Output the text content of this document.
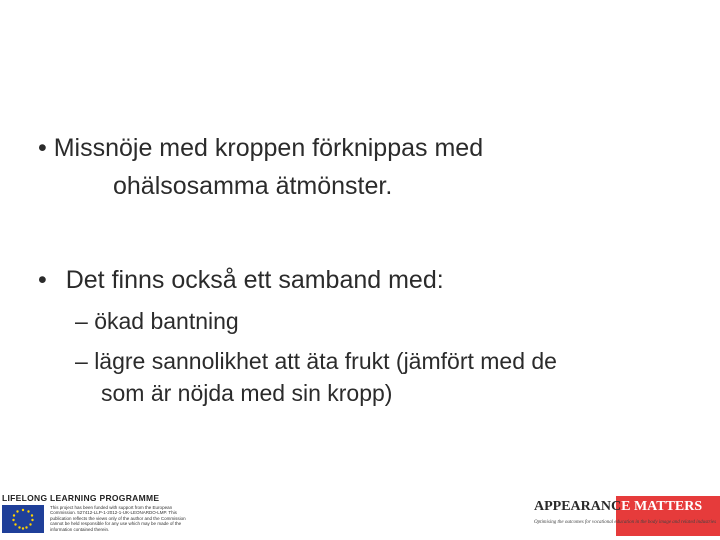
• Missnöje med kroppen förknippas med
ohälsosamma ätmönster.
• Det finns också ett samband med:
– ökad bantning
– lägre sannolikhet att äta frukt (jämfört med de
som är nöjda med sin kropp)
LIFELONG LEARNING PROGRAMME
This project has been funded with support from the European Commission. 527412-LLP-1-2012-1-UK-LEONARDO-LMP. This publication reflects the views only of the author and the Commission cannot be held responsible for any use which may be made of the information contained therein.
APPEARANCE MATTERS
Optimising the outcomes for vocational education in the body image and related industries
